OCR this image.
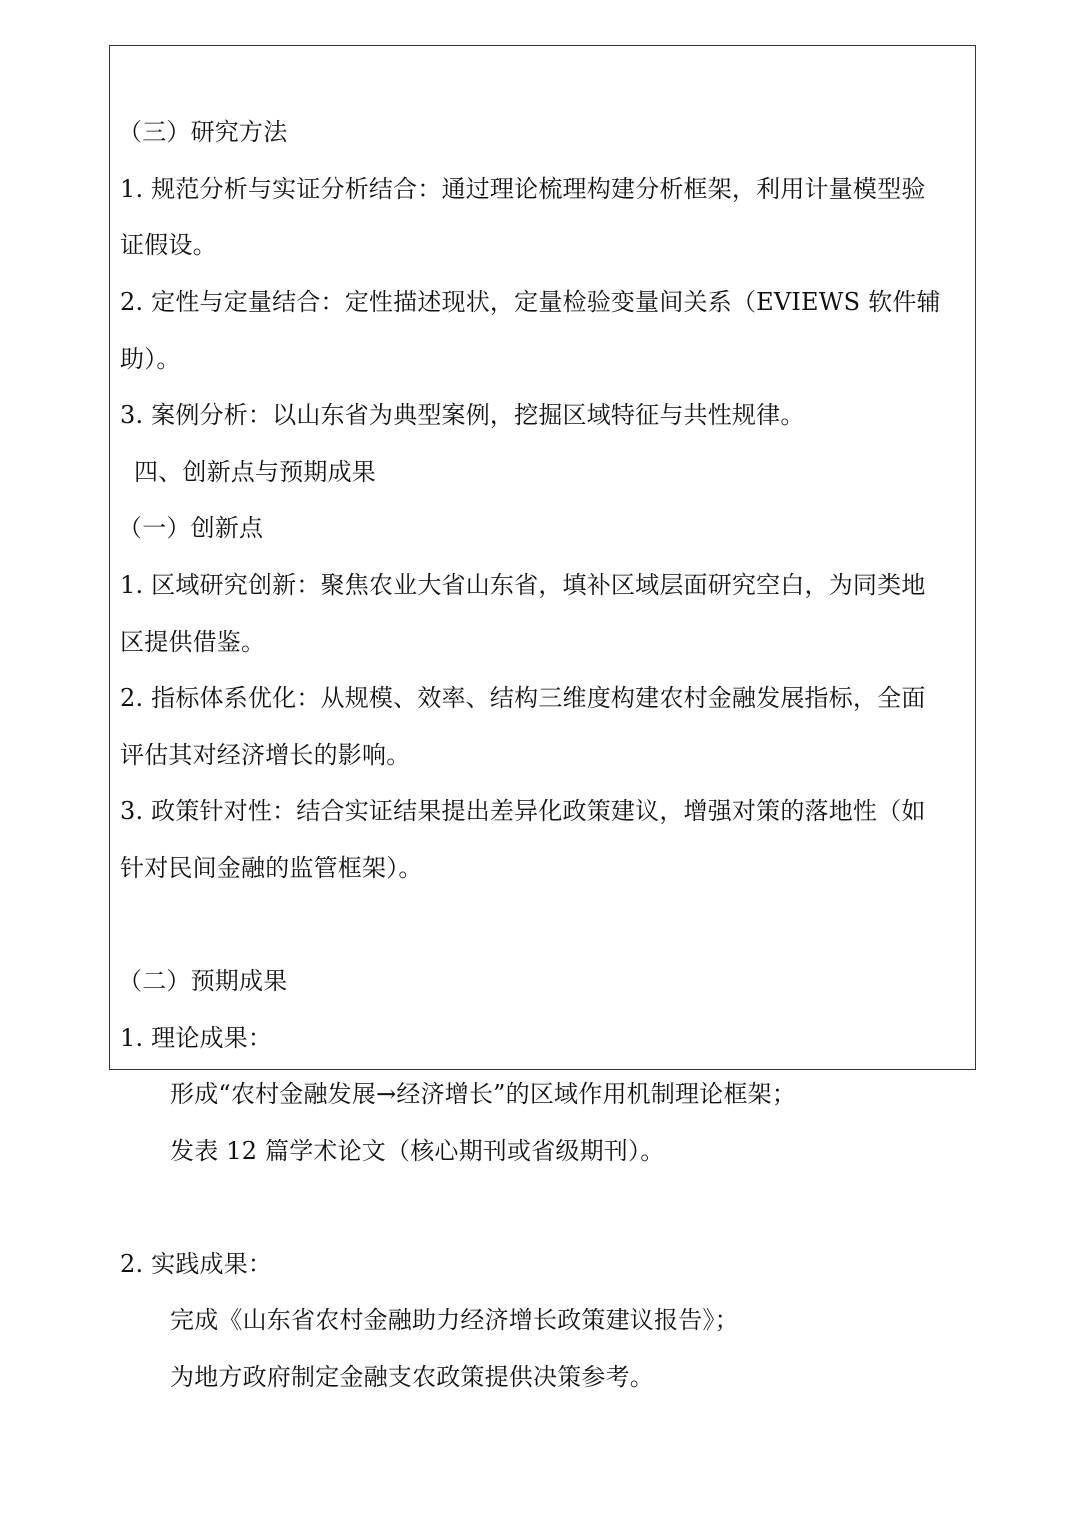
（三）研究方法
1. 规范分析与实证分析结合：通过理论梳理构建分析框架，利用计量模型验
证假设。
2. 定性与定量结合：定性描述现状，定量检验变量间关系（EVIEWS 软件辅
助）。
3. 案例分析：以山东省为典型案例，挖掘区域特征与共性规律。
四、创新点与预期成果
（一）创新点
1. 区域研究创新：聚焦农业大省山东省，填补区域层面研究空白，为同类地
区提供借鉴。
2. 指标体系优化：从规模、效率、结构三维度构建农村金融发展指标，全面
评估其对经济增长的影响。
3. 政策针对性：结合实证结果提出差异化政策建议，增强对策的落地性（如
针对民间金融的监管框架）。
（二）预期成果
1. 理论成果：
形成“农村金融发展→经济增长”的区域作用机制理论框架；
发表 12 篇学术论文（核心期刊或省级期刊）。
2. 实践成果：
完成《山东省农村金融助力经济增长政策建议报告》；
为地方政府制定金融支农政策提供决策参考。
